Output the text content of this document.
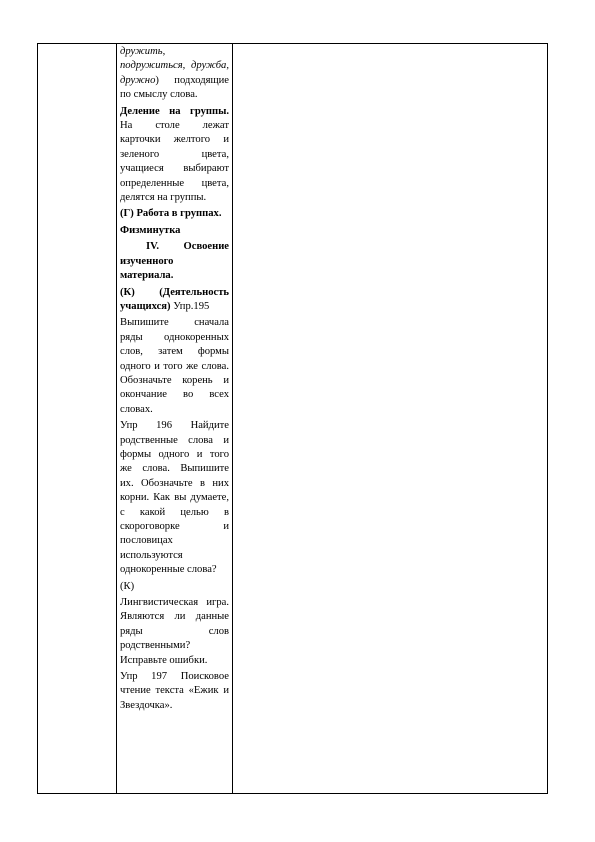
дружить, подружиться, дружба, дружно) подходящие по смыслу слова.

Деление на группы. На столе лежат карточки желтого и зеленого цвета, учащиеся выбирают определенные цвета, делятся на группы.

(Г) Работа в группах.

Физминутка

IV. Освоение изученного материала.

(К) (Деятельность учащихся) Упр.195

Выпишите сначала ряды однокоренных слов, затем формы одного и того же слова. Обозначьте корень и окончание во всех словах.

Упр 196 Найдите родственные слова и формы одного и того же слова. Выпишите их. Обозначьте в них корни. Как вы думаете, с какой целью в скороговорке и пословицах используются однокоренные слова?

(К)

Лингвистическая игра. Являются ли данные ряды слов родственными? Исправьте ошибки.

Упр 197 Поисковое чтение текста «Ежик и Звездочка».
